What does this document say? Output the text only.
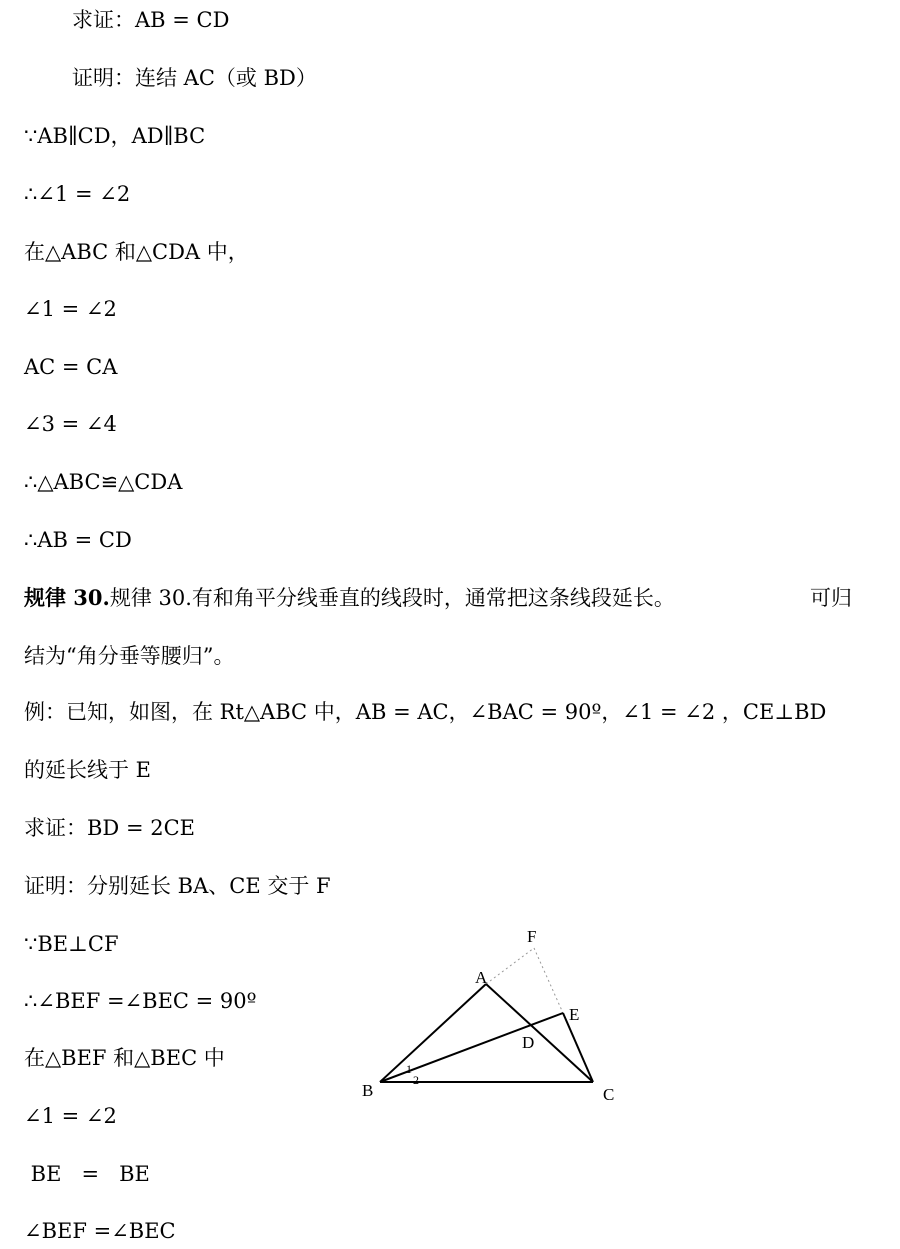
求证：AB = CD
证明：连结 AC（或 BD）
∵AB∥CD，AD∥BC
∴∠1 = ∠2
在△ABC 和△CDA 中，
∠1 = ∠2
AC = CA
∠3 = ∠4
∴△ABC≌△CDA
∴AB = CD
规律 30.规律 30.有和角平分线垂直的线段时，通常把这条线段延长。	可归
结为“角分垂等腰归”。
例：已知，如图，在 Rt△ABC 中，AB = AC，∠BAC = 90º，∠1 = ∠2 ，CE⊥BD
的延长线于 E
求证：BD = 2CE
证明：分别延长 BA、CE 交于 F
∵BE⊥CF
∴∠BEF =∠BEC = 90º
在△BEF 和△BEC 中
∠1 = ∠2
BE   =   BE
∠BEF =∠BEC
F
A
E
D
B	C
1
2
